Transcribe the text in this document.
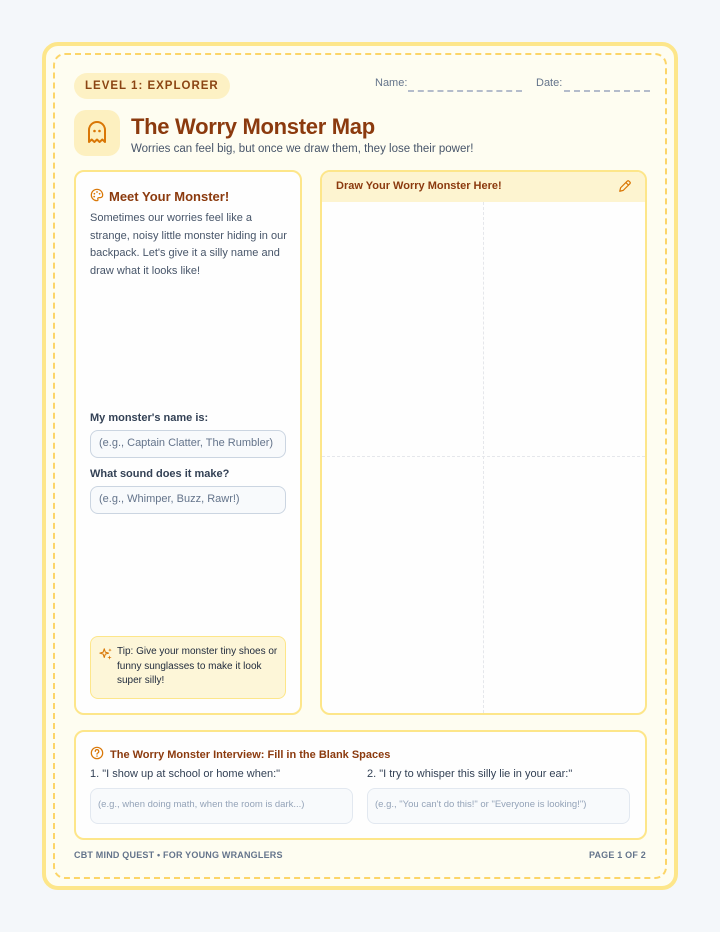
LEVEL 1: EXPLORER	Name:	Date:
The Worry Monster Map
Worries can feel big, but once we draw them, they lose their power!
Meet Your Monster!
Sometimes our worries feel like a strange, noisy little monster hiding in our backpack. Let's give it a silly name and draw what it looks like!
My monster's name is:
(e.g., Captain Clatter, The Rumbler)
What sound does it make?
(e.g., Whimper, Buzz, Rawr!)
Tip: Give your monster tiny shoes or funny sunglasses to make it look super silly!
Draw Your Worry Monster Here!
The Worry Monster Interview: Fill in the Blank Spaces
1. "I show up at school or home when:"
(e.g., when doing math, when the room is dark...)
2. "I try to whisper this silly lie in your ear:"
(e.g., "You can't do this!" or "Everyone is looking!")
CBT MIND QUEST • FOR YOUNG WRANGLERS	PAGE 1 OF 2
